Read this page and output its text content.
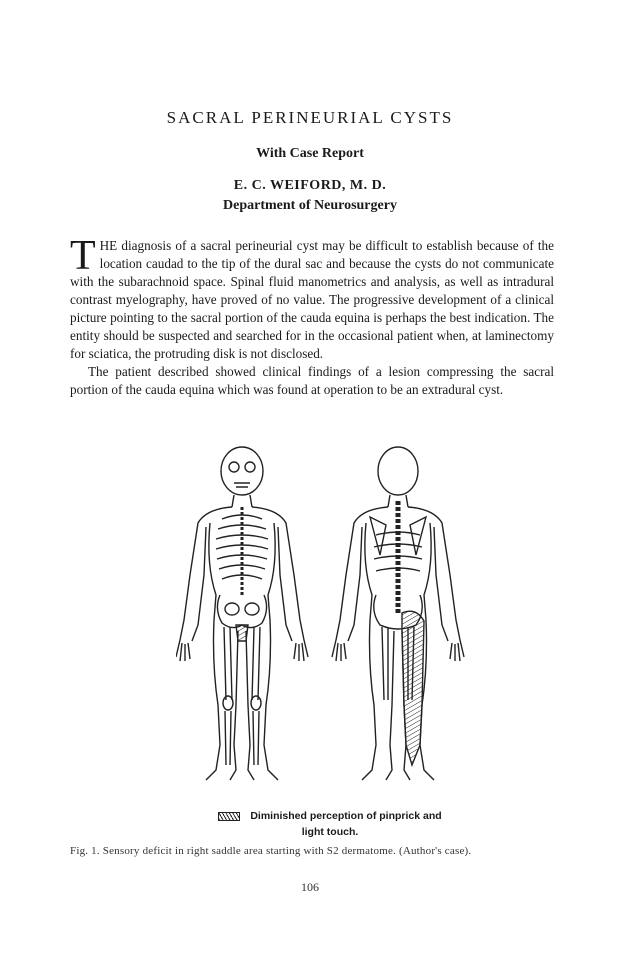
SACRAL PERINEURIAL CYSTS
With Case Report
E. C. WEIFORD, M. D.
Department of Neurosurgery

THE diagnosis of a sacral perineurial cyst may be difficult to establish because of the location caudad to the tip of the dural sac and because the cysts do not communicate with the subarachnoid space. Spinal fluid manometrics and analysis, as well as intradural contrast myelography, have proved of no value. The progressive development of a clinical picture pointing to the sacral portion of the cauda equina is perhaps the best indication. The entity should be suspected and searched for in the occasional patient when, at laminectomy for sciatica, the protruding disk is not disclosed.

The patient described showed clinical findings of a lesion compressing the sacral portion of the cauda equina which was found at operation to be an extradural cyst.

Diminished perception of pinprick and
light touch.
Fig. 1. Sensory deficit in right saddle area starting with S2 dermatome. (Author's case).
106
